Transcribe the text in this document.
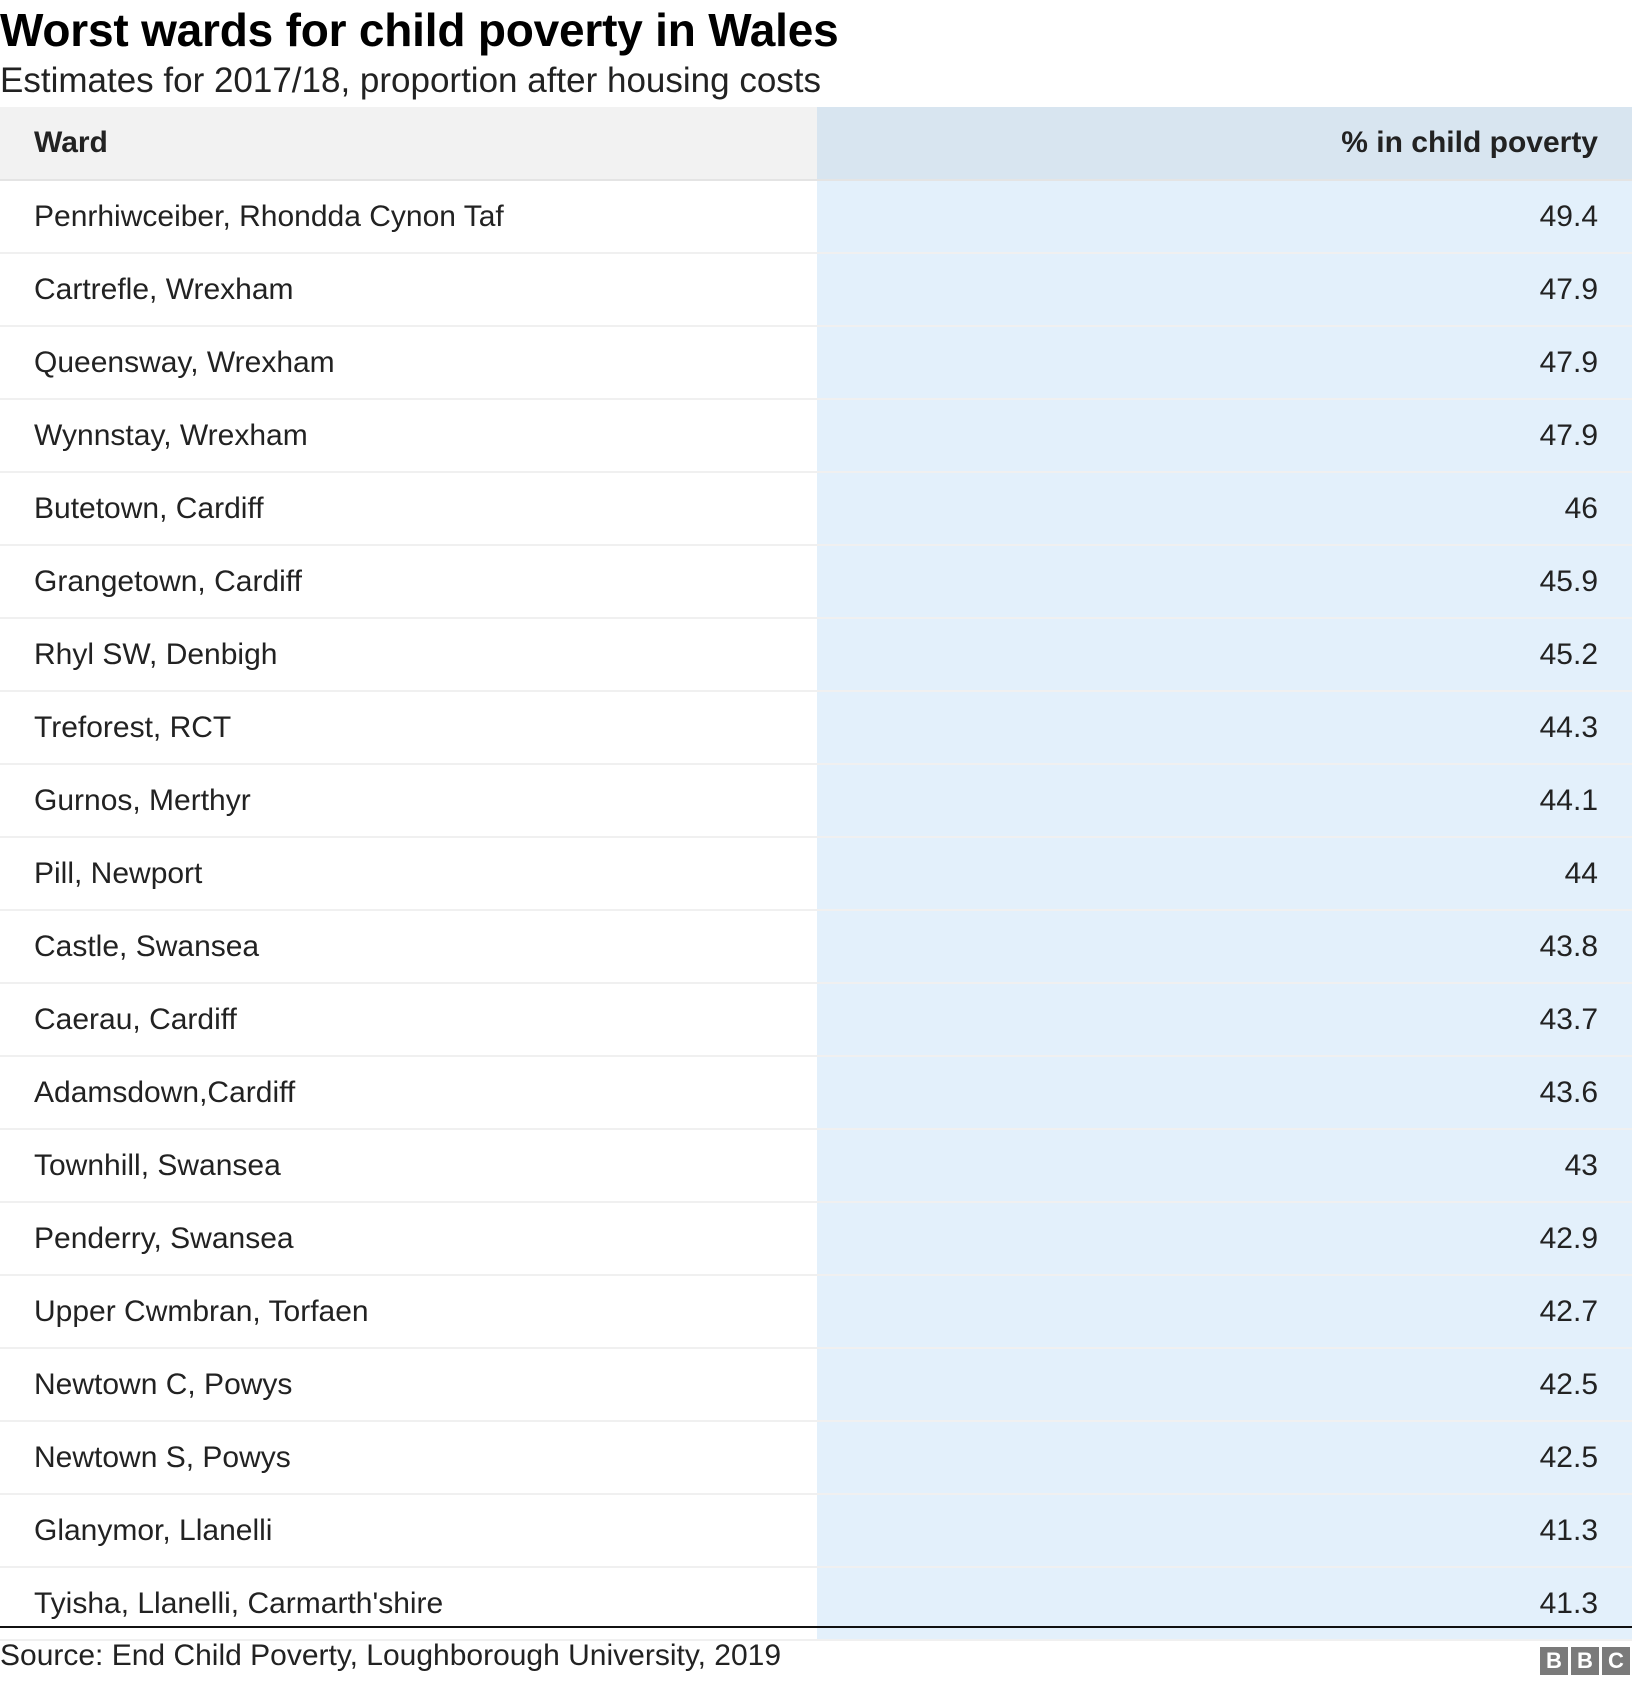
Worst wards for child poverty in Wales

Estimates for 2017/18, proportion after housing costs

Ward	% in child poverty
Penrhiwceiber, Rhondda Cynon Taf	49.4
Cartrefle, Wrexham	47.9
Queensway, Wrexham	47.9
Wynnstay, Wrexham	47.9
Butetown, Cardiff	46
Grangetown, Cardiff	45.9
Rhyl SW, Denbigh	45.2
Treforest, RCT	44.3
Gurnos, Merthyr	44.1
Pill, Newport	44
Castle, Swansea	43.8
Caerau, Cardiff	43.7
Adamsdown,Cardiff	43.6
Townhill, Swansea	43
Penderry, Swansea	42.9
Upper Cwmbran, Torfaen	42.7
Newtown C, Powys	42.5
Newtown S, Powys	42.5
Glanymor, Llanelli	41.3
Tyisha, Llanelli, Carmarth'shire	41.3
Source: End Child Poverty, Loughborough University, 2019	B B C
